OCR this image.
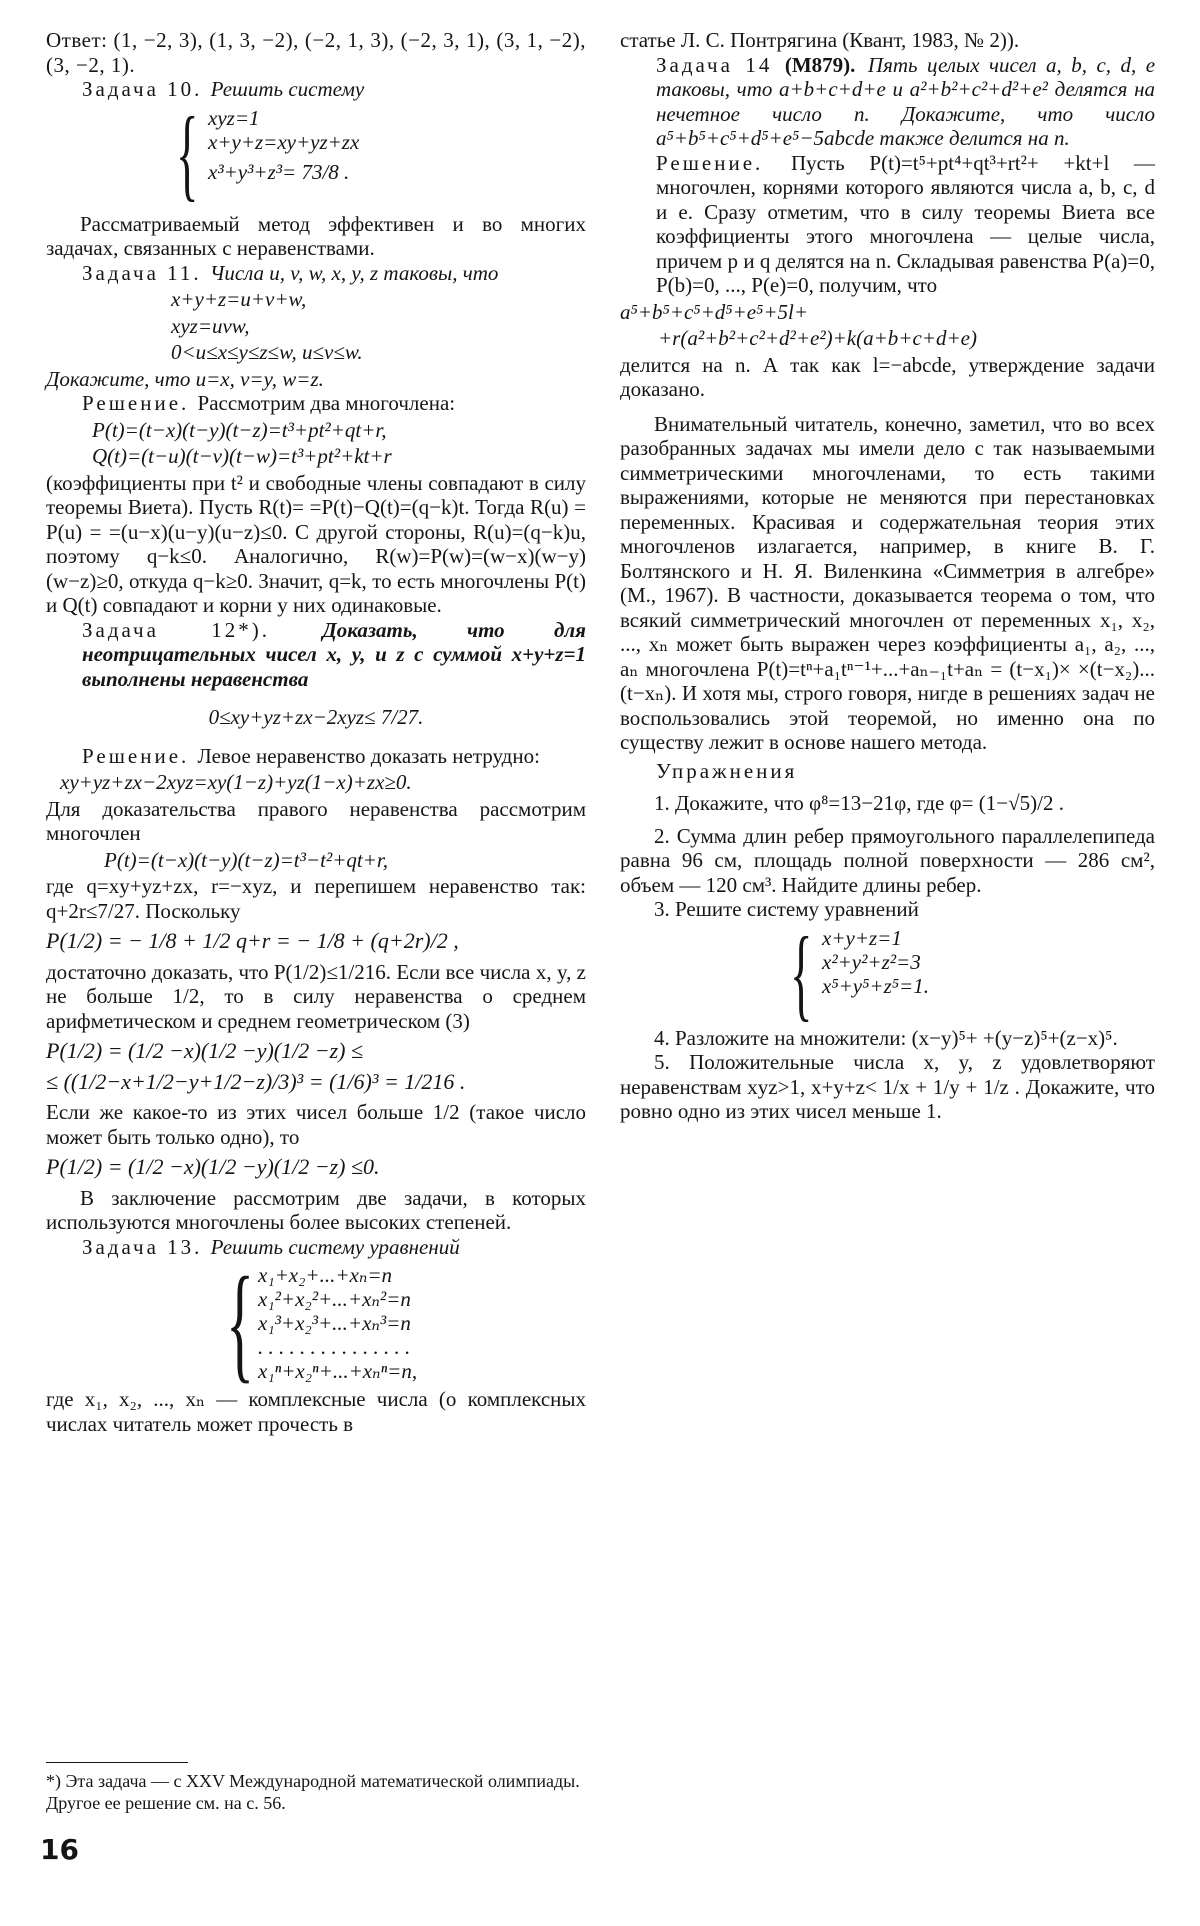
Ответ: (1, −2, 3), (1, 3, −2), (−2, 1, 3), (−2, 3, 1), (3, 1, −2), (3, −2, 1).

Задача 10. Решить систему

{ xyz=1
x+y+z=xy+yz+zx
x³+y³+z³= 73/8 .

Рассматриваемый метод эффективен и во многих задачах, связанных с неравенствами.

Задача 11. Числа u, v, w, x, y, z таковы, что

x+y+z=u+v+w,
xyz=uvw,
0<u≤x≤y≤z≤w, u≤v≤w.

Докажите, что u=x, v=y, w=z.

Решение. Рассмотрим два многочлена:

P(t)=(t−x)(t−y)(t−z)=t³+pt²+qt+r,
Q(t)=(t−u)(t−v)(t−w)=t³+pt²+kt+r

(коэффициенты при t² и свободные члены совпадают в силу теоремы Виета). Пусть R(t)= =P(t)−Q(t)=(q−k)t. Тогда R(u) = P(u) = =(u−x)(u−y)(u−z)≤0. С другой стороны, R(u)=(q−k)u, поэтому q−k≤0. Аналогично, R(w)=P(w)=(w−x)(w−y)(w−z)≥0, откуда q−k≥0. Значит, q=k, то есть многочлены P(t) и Q(t) совпадают и корни у них одинаковые.

Задача 12*). Доказать, что для неотрицательных чисел x, y, и z с суммой x+y+z=1 выполнены неравенства

0≤xy+yz+zx−2xyz≤ 7/27.

Решение. Левое неравенство доказать нетрудно:

xy+yz+zx−2xyz=xy(1−z)+yz(1−x)+zx≥0.

Для доказательства правого неравенства рассмотрим многочлен

P(t)=(t−x)(t−y)(t−z)=t³−t²+qt+r,

где q=xy+yz+zx, r=−xyz, и перепишем неравенство так: q+2r≤7/27. Поскольку

P(1/2) = − 1/8 + 1/2 q+r = − 1/8 + (q+2r)/2 ,

достаточно доказать, что P(1/2)≤1/216. Если все числа x, y, z не больше 1/2, то в силу неравенства о среднем арифметическом и среднем геометрическом (3)

P(1/2) = (1/2 −x)(1/2 −y)(1/2 −z) ≤
≤ ((1/2−x+1/2−y+1/2−z)/3)³ = (1/6)³ = 1/216 .

Если же какое-то из этих чисел больше 1/2 (такое число может быть только одно), то

P(1/2) = (1/2 −x)(1/2 −y)(1/2 −z) ≤0.

В заключение рассмотрим две задачи, в которых используются многочлены более высоких степеней.

Задача 13. Решить систему уравнений

{ x₁+x₂+...+xₙ=n
x₁²+x₂²+...+xₙ²=n
x₁³+x₂³+...+xₙ³=n
. . . . . . . . . . . . . . .
x₁ⁿ+x₂ⁿ+...+xₙⁿ=n,

где x₁, x₂, ..., xₙ — комплексные числа (о комплексных числах читатель может прочесть в

*) Эта задача — с XXV Международной математической олимпиады. Другое ее решение см. на с. 56.
16

статье Л. С. Понтрягина (Квант, 1983, № 2)).

Задача 14 (М879). Пять целых чисел a, b, c, d, e таковы, что a+b+c+d+e и a²+b²+c²+d²+e² делятся на нечетное число n. Докажите, что число a⁵+b⁵+c⁵+d⁵+e⁵−5abcde также делится на n.

Решение. Пусть P(t)=t⁵+pt⁴+qt³+rt²+ +kt+l — многочлен, корнями которого являются числа a, b, c, d и e. Сразу отметим, что в силу теоремы Виета все коэффициенты этого многочлена — целые числа, причем p и q делятся на n. Складывая равенства P(a)=0, P(b)=0, ..., P(e)=0, получим, что

a⁵+b⁵+c⁵+d⁵+e⁵+5l+
+r(a²+b²+c²+d²+e²)+k(a+b+c+d+e)

делится на n. А так как l=−abcde, утверждение задачи доказано.

Внимательный читатель, конечно, заметил, что во всех разобранных задачах мы имели дело с так называемыми симметрическими многочленами, то есть такими выражениями, которые не меняются при перестановках переменных. Красивая и содержательная теория этих многочленов излагается, например, в книге В. Г. Болтянского и Н. Я. Виленкина «Симметрия в алгебре» (М., 1967). В частности, доказывается теорема о том, что всякий симметрический многочлен от переменных x₁, x₂, ..., xₙ может быть выражен через коэффициенты a₁, a₂, ..., aₙ многочлена P(t)=tⁿ+a₁tⁿ⁻¹+...+aₙ₋₁t+aₙ = (t−x₁)× ×(t−x₂)...(t−xₙ). И хотя мы, строго говоря, нигде в решениях задач не воспользовались этой теоремой, но именно она по существу лежит в основе нашего метода.

Упражнения

1. Докажите, что φ⁸=13−21φ, где φ= (1−√5)/2 .

2. Сумма длин ребер прямоугольного параллелепипеда равна 96 см, площадь полной поверхности — 286 см², объем — 120 см³. Найдите длины ребер.

3. Решите систему уравнений

{ x+y+z=1
x²+y²+z²=3
x⁵+y⁵+z⁵=1.

4. Разложите на множители: (x−y)⁵+ +(y−z)⁵+(z−x)⁵.

5. Положительные числа x, y, z удовлетворяют неравенствам xyz>1, x+y+z< 1/x + 1/y + 1/z . Докажите, что ровно одно из этих чисел меньше 1.
